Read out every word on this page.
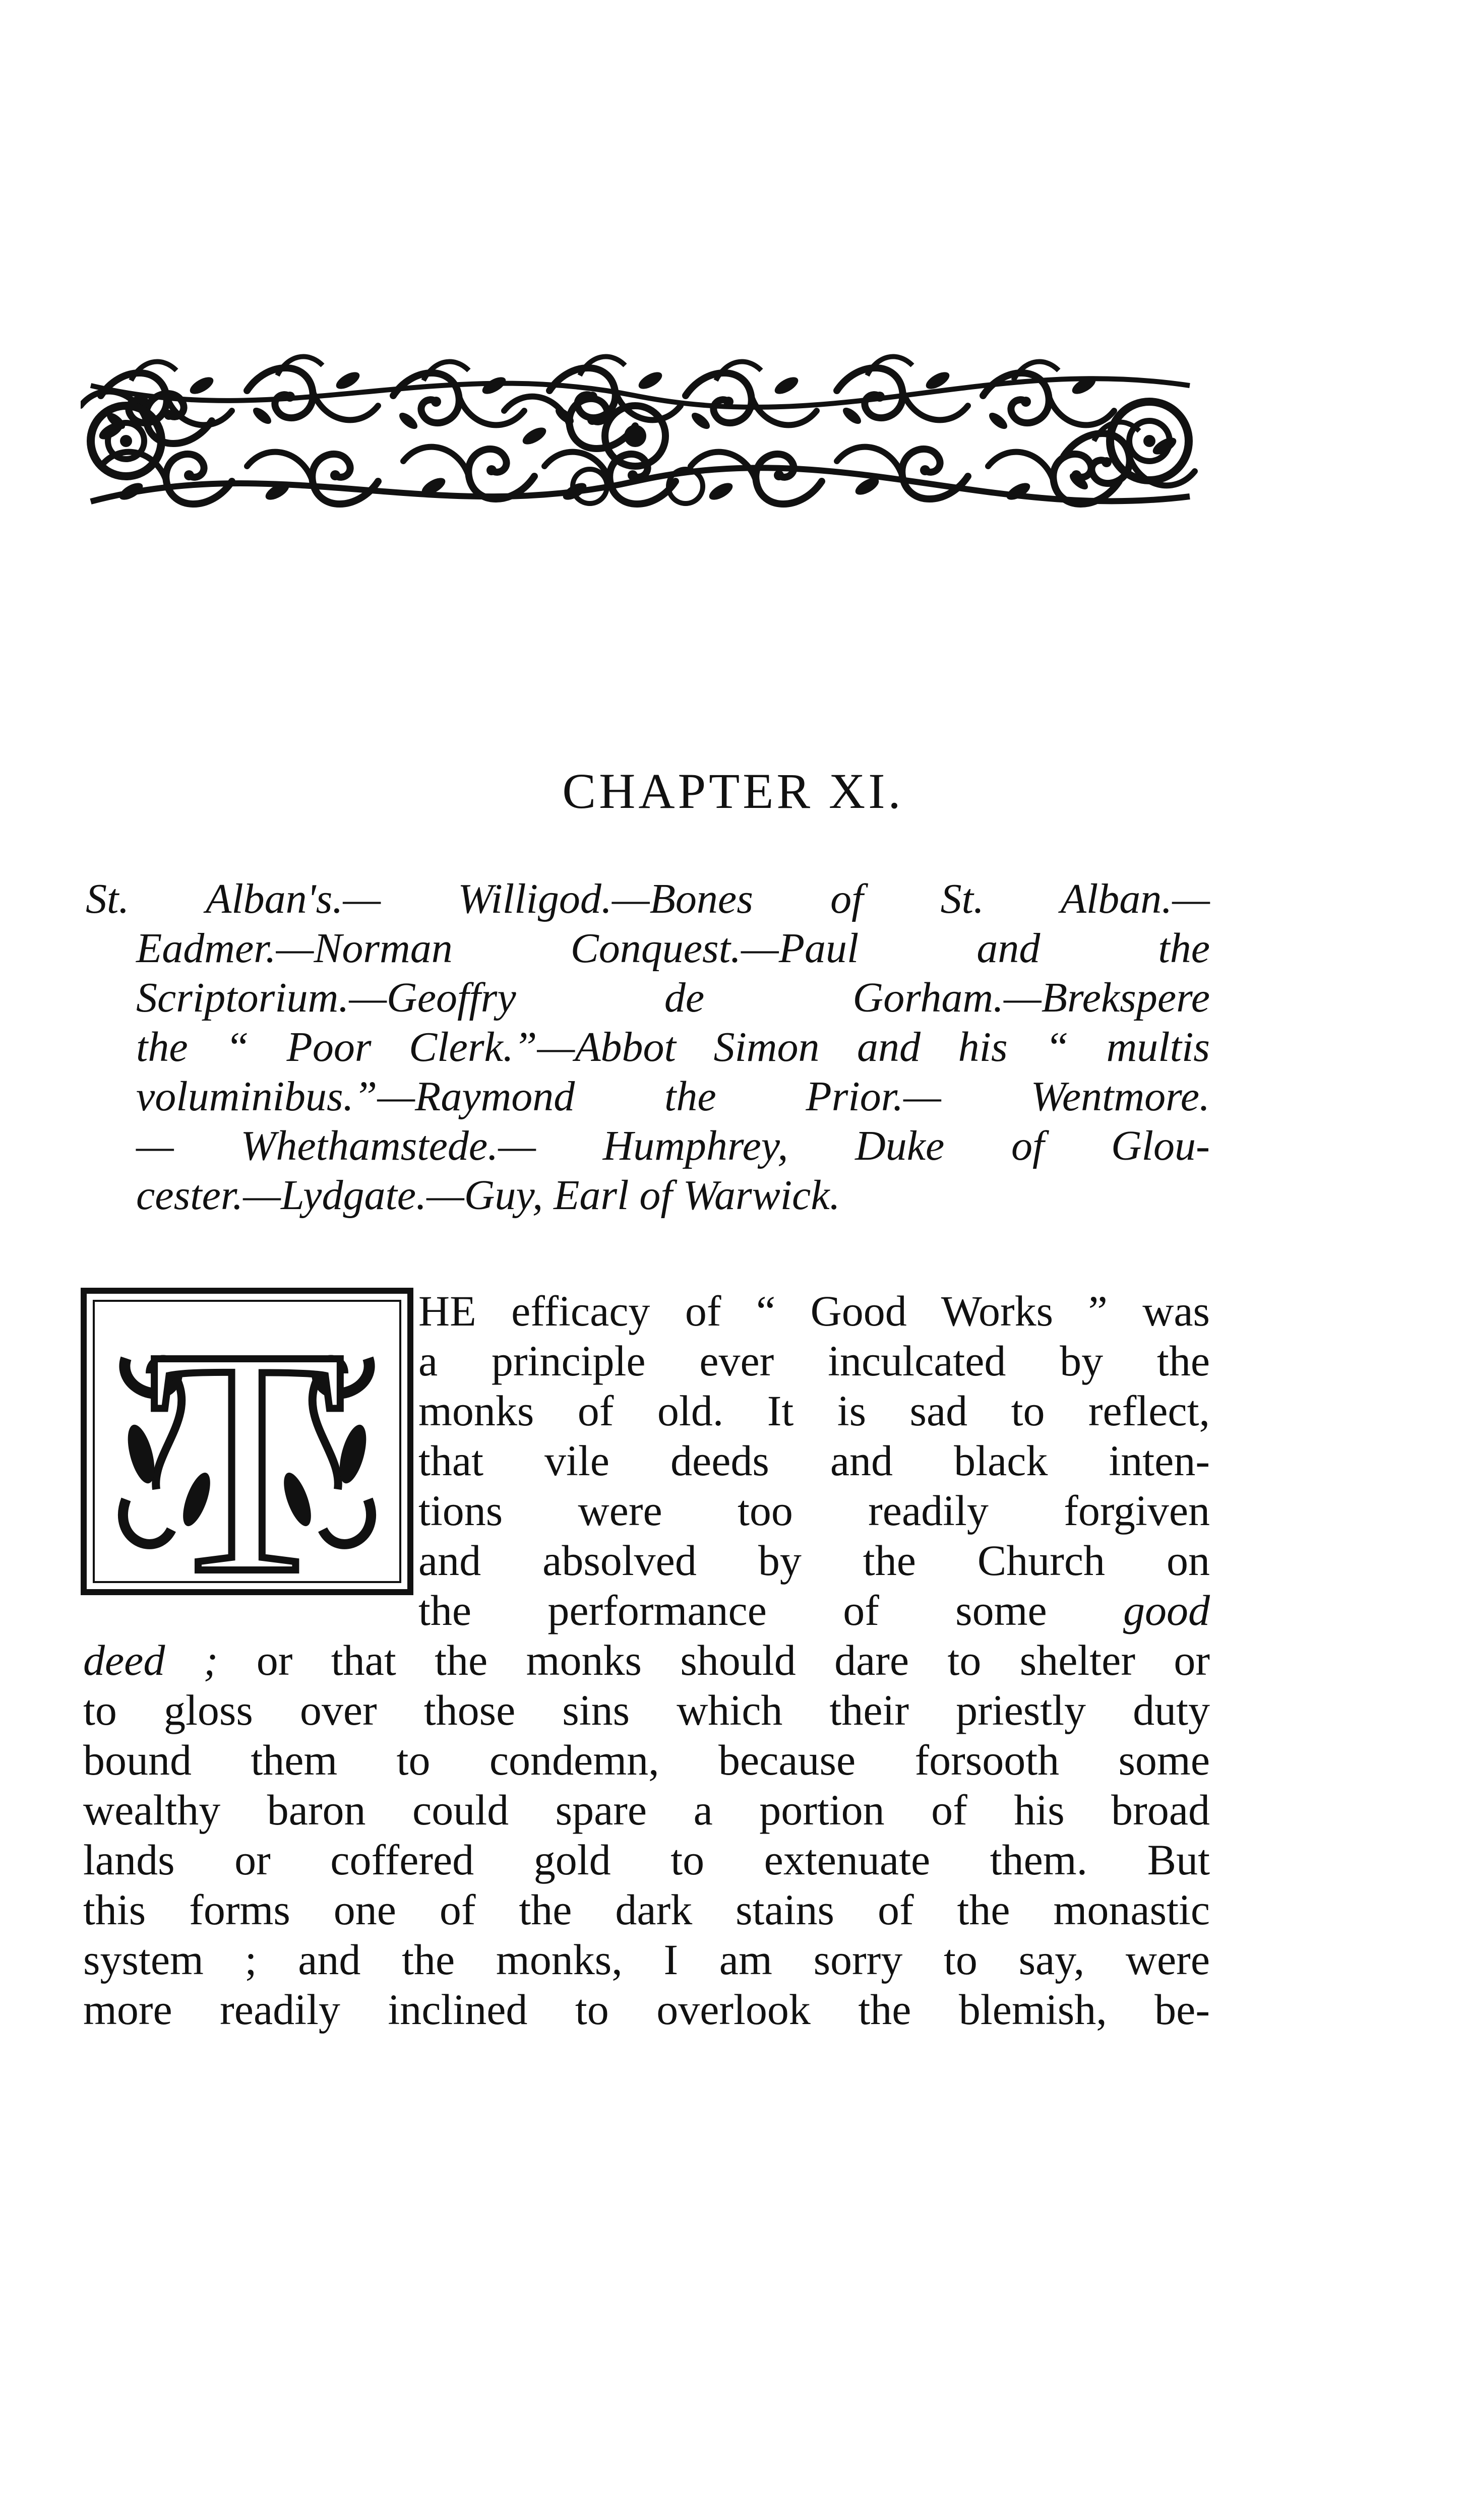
CHAPTER XI.
St. Alban's.— Willigod.—Bones of St. Alban.—
Eadmer.—Norman Conquest.—Paul and the
Scriptorium.—Geoffry de Gorham.—Brekspere
the “ Poor Clerk.”—Abbot Simon and his “ multis
voluminibus.”—Raymond the Prior.— Wentmore.
— Whethamstede.— Humphrey, Duke of Glou-
cester.—Lydgate.—Guy, Earl of Warwick.
T HE efficacy of “ Good Works ” was
a principle ever inculcated by the
monks of old. It is sad to reflect,
that vile deeds and black inten-
tions were too readily forgiven
and absolved by the Church on
the performance of some good
deed ; or that the monks should dare to shelter or
to gloss over those sins which their priestly duty
bound them to condemn, because forsooth some
wealthy baron could spare a portion of his broad
lands or coffered gold to extenuate them. But
this forms one of the dark stains of the monastic
system ; and the monks, I am sorry to say, were
more readily inclined to overlook the blemish, be-
